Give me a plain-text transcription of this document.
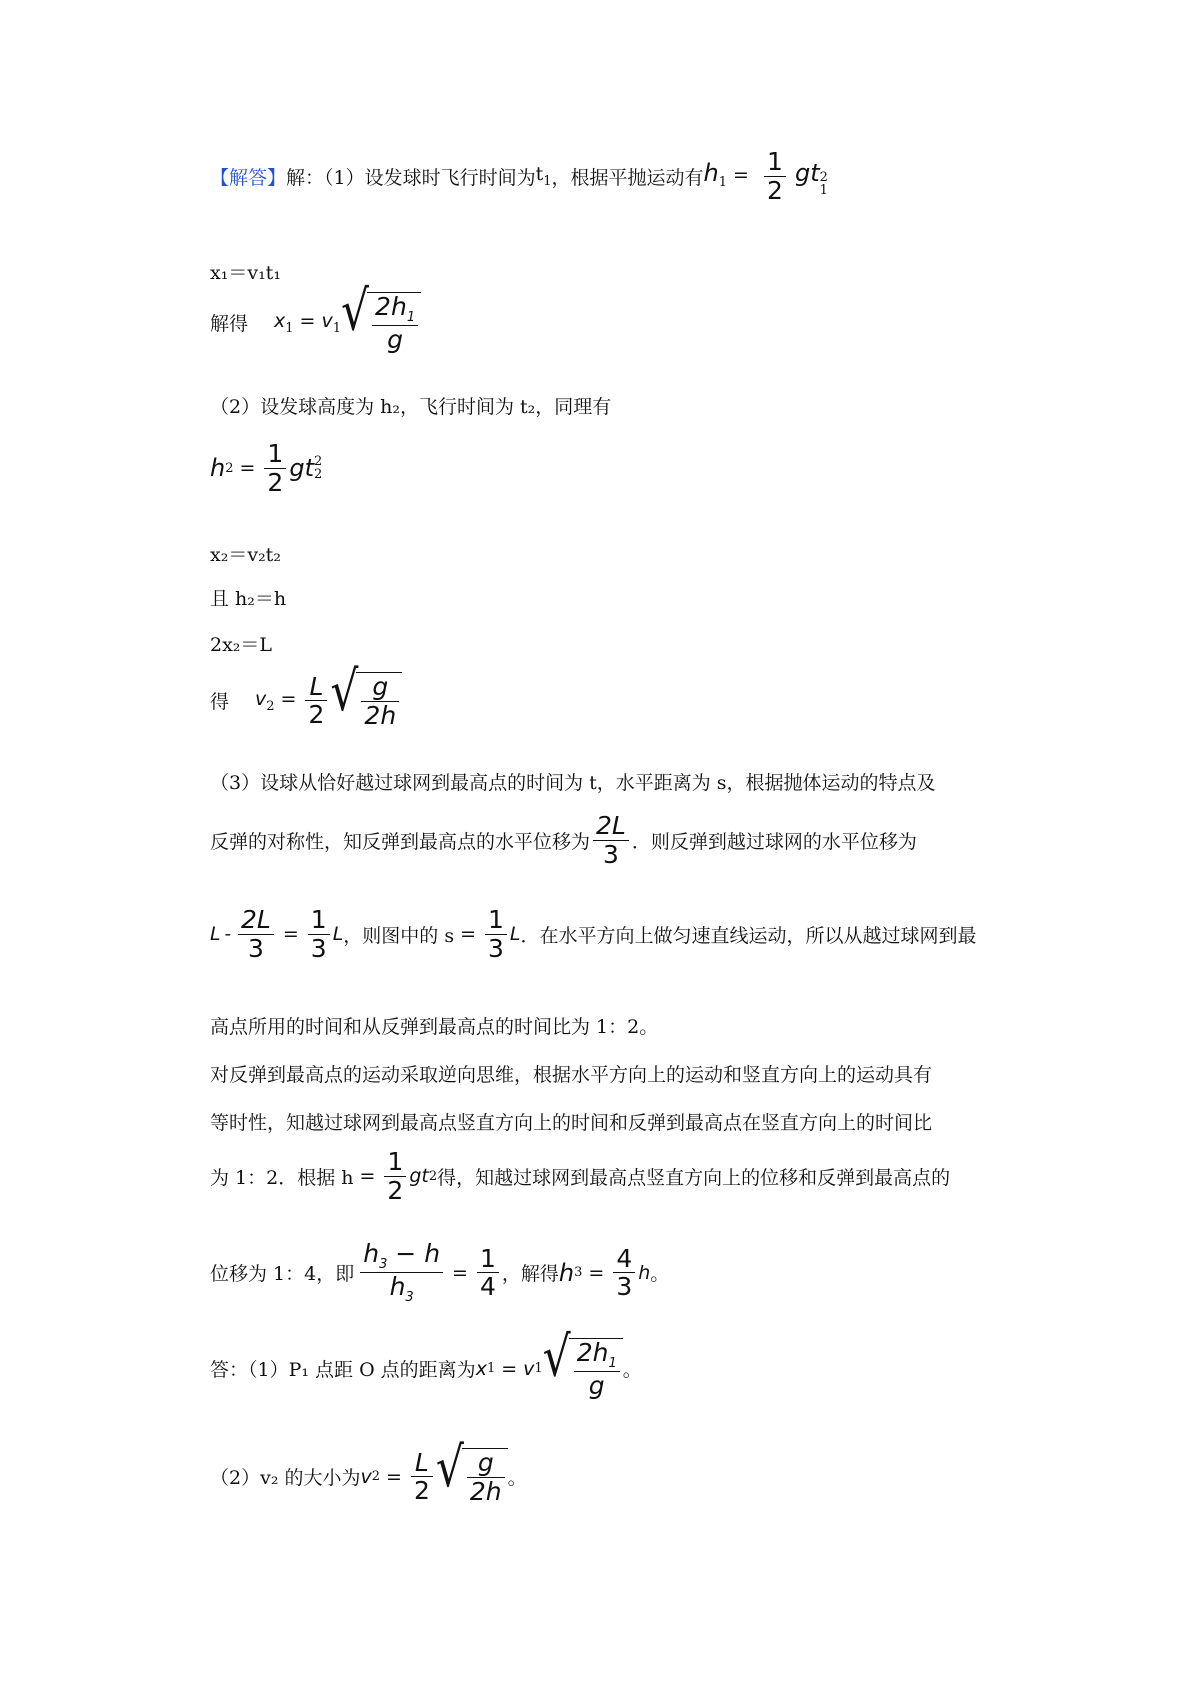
【解答】 解：（1）设发球时飞行时间为 $t_1$ ，根据平抛运动有 $h_1 = \frac{1}{2}$ gt 2
1
x₁＝v₁t₁
解得 $x_1 = v_1$ √ $\frac{2h_1}{g}$
（2）设发球高度为 h₂，飞行时间为 t₂，同理有
h $2 = \frac{1}{2}$ gt 2
2
x₂＝v₂t₂
且 h₂＝h
2x₂＝L
得 $v_2 = \frac{L}{2}$ √ $\frac{g}{2h}$
（3）设球从恰好越过球网到最高点的时间为 t，水平距离为 s，根据抛体运动的特点及
反弹的对称性，知反弹到最高点的水平位移为 $\frac{2L}{3}$ ．则反弹到越过球网的水平位移为
$L - \frac{2L}{3} = \frac{1}{3}$ L ，则图中的 $s = \frac{1}{3}$ L ．在水平方向上做匀速直线运动，所以从越过球网到最
高点所用的时间和从反弹到最高点的时间比为 1：2。
对反弹到最高点的运动采取逆向思维，根据水平方向上的运动和竖直方向上的运动具有
等时性，知越过球网到最高点竖直方向上的时间和反弹到最高点在竖直方向上的时间比
为 1：2．根据 $h = \frac{1}{2}$ gt 2 得，知越过球网到最高点竖直方向上的位移和反弹到最高点的
位移为 1：4，即 $\frac{h_3 - h}{h_3} = \frac{1}{4}$ ，解得 h $3 = \frac{4}{3}$ h 。
答：（1）P₁ 点距 O 点的距离为 x 1 = v 1 √ $\frac{2h_1}{g}$ 。
（2）v₂ 的大小为 v $2 = \frac{L}{2}$ √ $\frac{g}{2h}$ 。
